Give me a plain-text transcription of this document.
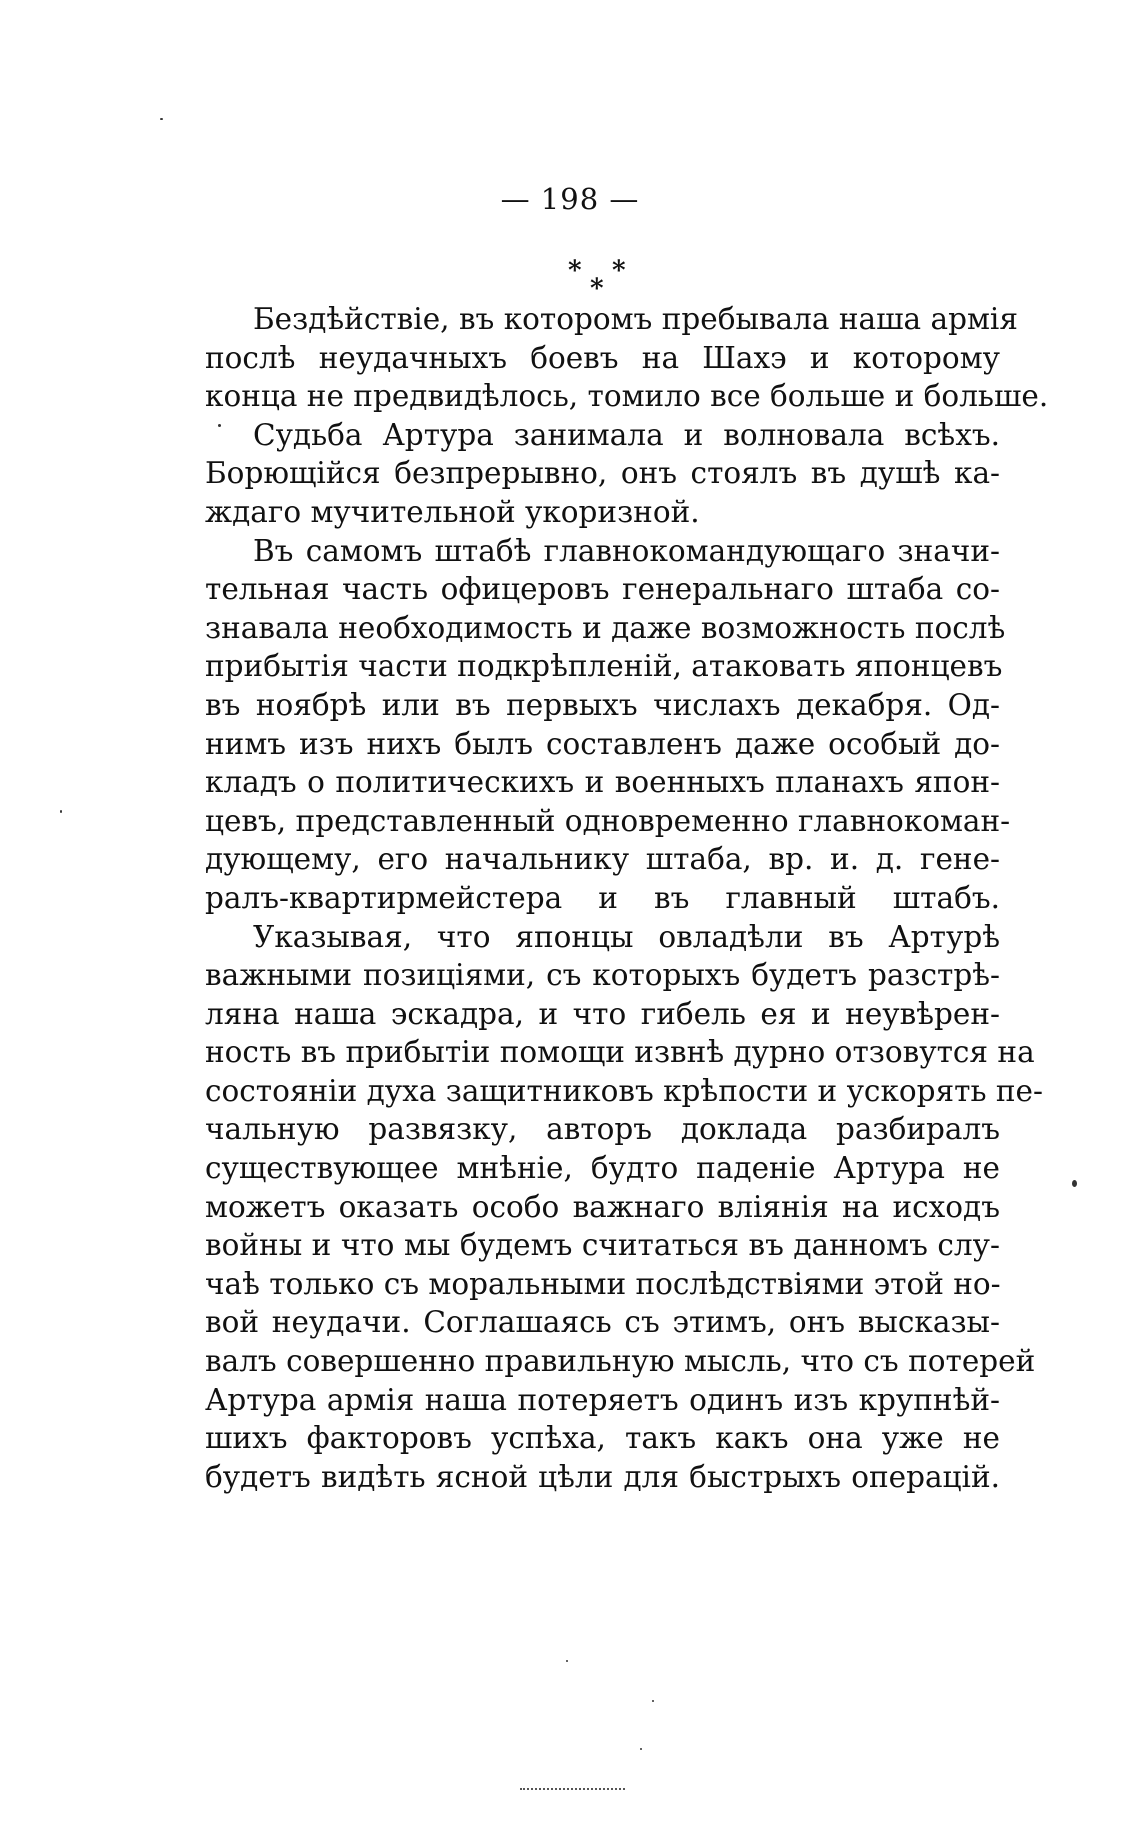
— 198 —
* *
*
Бездѣйствіе, въ которомъ пребывала наша армія
послѣ неудачныхъ боевъ на Шахэ и которому
конца не предвидѣлось, томило все больше и больше.
Судьба Артура занимала и волновала всѣхъ.
Борющійся безпрерывно, онъ стоялъ въ душѣ ка-
ждаго мучительной укоризной.
Въ самомъ штабѣ главнокомандующаго значи-
тельная часть офицеровъ генеральнаго штаба со-
знавала необходимость и даже возможность послѣ
прибытія части подкрѣпленій, атаковать японцевъ
въ ноябрѣ или въ первыхъ числахъ декабря. Од-
нимъ изъ нихъ былъ составленъ даже особый до-
кладъ о политическихъ и военныхъ планахъ япон-
цевъ, представленный одновременно главнокоман-
дующему, его начальнику штаба, вр. и. д. гене-
ралъ-квартирмейстера и въ главный штабъ.
Указывая, что японцы овладѣли въ Артурѣ
важными позиціями, съ которыхъ будетъ разстрѣ-
ляна наша эскадра, и что гибель ея и неувѣрен-
ность въ прибытіи помощи извнѣ дурно отзовутся на
состояніи духа защитниковъ крѣпости и ускорять пе-
чальную развязку, авторъ доклада разбиралъ
существующее мнѣніе, будто паденіе Артура не
можетъ оказать особо важнаго вліянія на исходъ
войны и что мы будемъ считаться въ данномъ слу-
чаѣ только съ моральными послѣдствіями этой но-
вой неудачи. Соглашаясь съ этимъ, онъ высказы-
валъ совершенно правильную мысль, что съ потерей
Артура армія наша потеряетъ одинъ изъ крупнѣй-
шихъ факторовъ успѣха, такъ какъ она уже не
будетъ видѣть ясной цѣли для быстрыхъ операцій.
